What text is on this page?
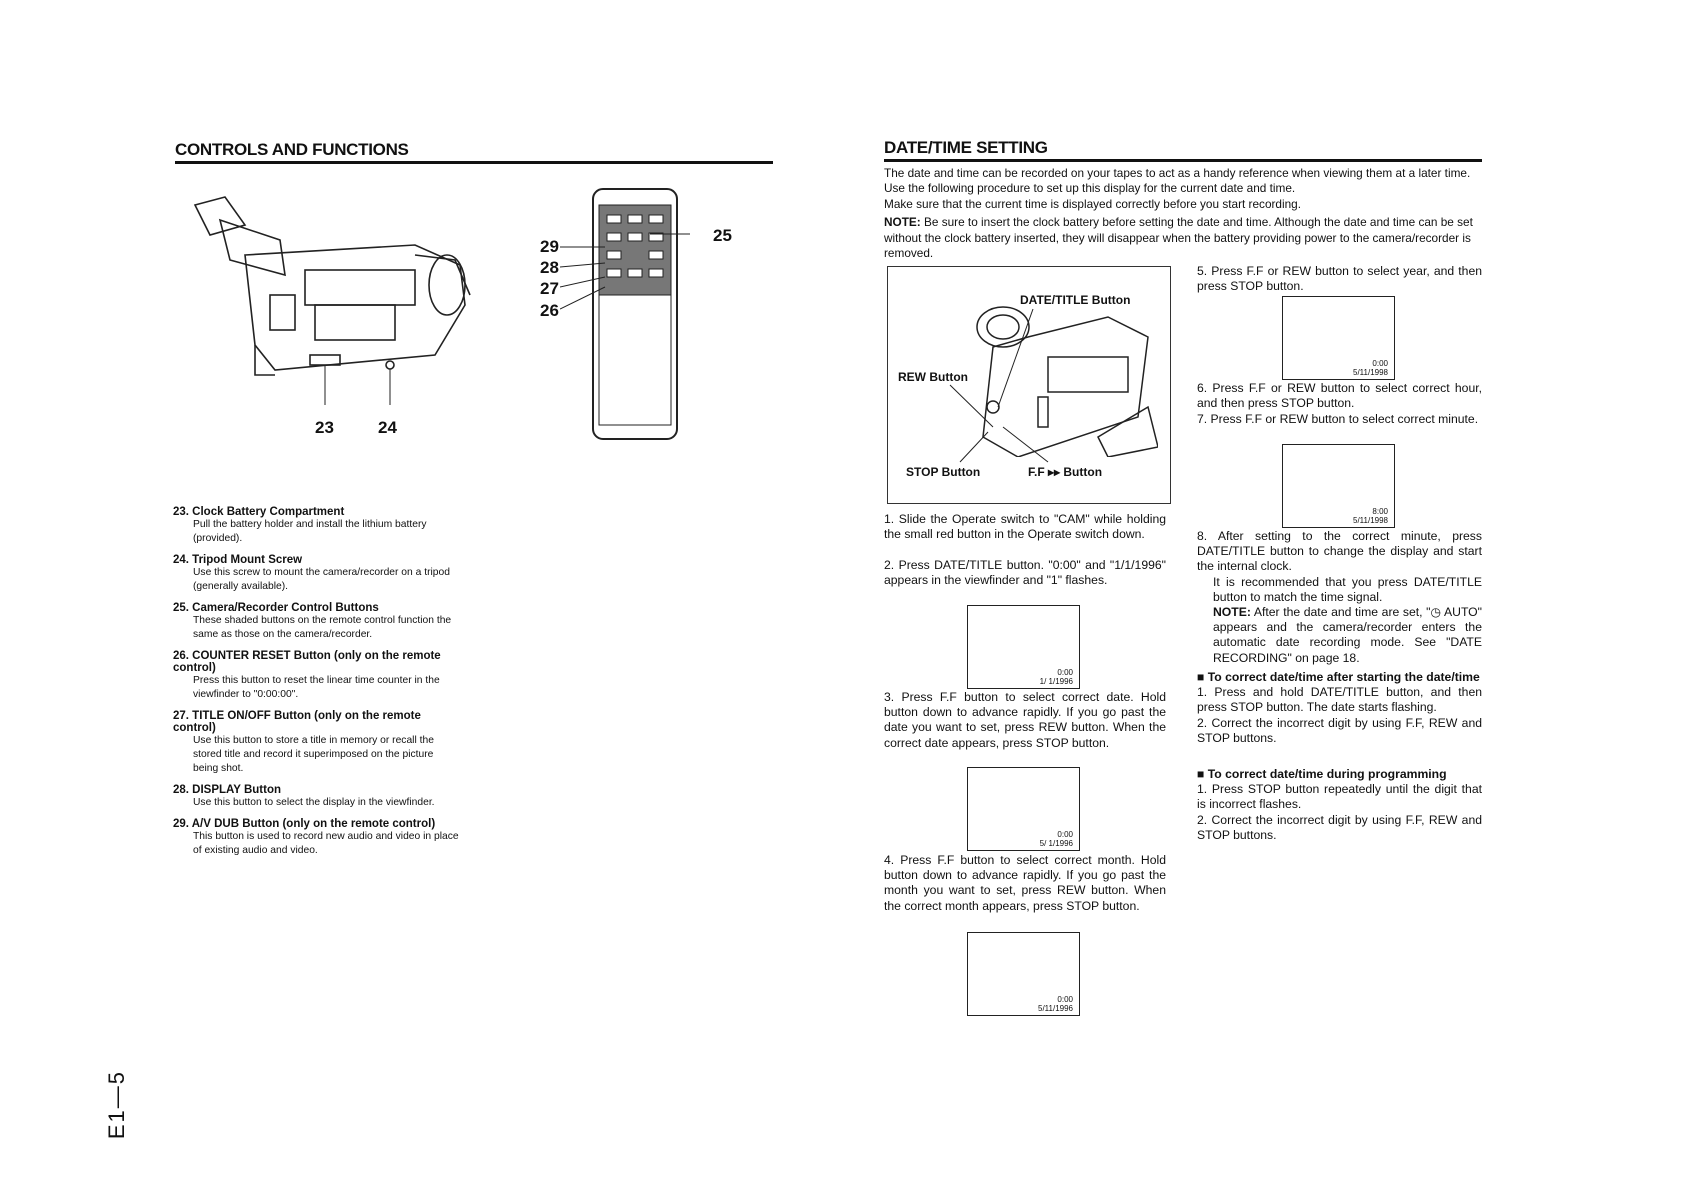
CONTROLS AND FUNCTIONS
23	24
29
28
27
26
25
23. Clock Battery Compartment
Pull the battery holder and install the lithium battery (provided).
24. Tripod Mount Screw
Use this screw to mount the camera/recorder on a tripod (generally available).
25. Camera/Recorder Control Buttons
These shaded buttons on the remote control function the same as those on the camera/recorder.
26. COUNTER RESET Button (only on the remote control)
Press this button to reset the linear time counter in the viewfinder to "0:00:00".
27. TITLE ON/OFF Button (only on the remote control)
Use this button to store a title in memory or recall the stored title and record it superimposed on the picture being shot.
28. DISPLAY Button
Use this button to select the display in the viewfinder.
29. A/V DUB Button (only on the remote control)
This button is used to record new audio and video in place of existing audio and video.
E1—5
DATE/TIME SETTING
The date and time can be recorded on your tapes to act as a handy reference when viewing them at a later time. Use the following procedure to set up this display for the current date and time.
Make sure that the current time is displayed correctly before you start recording.
NOTE: Be sure to insert the clock battery before setting the date and time. Although the date and time can be set without the clock battery inserted, they will disappear when the battery providing power to the camera/recorder is removed.
DATE/TITLE Button
REW Button
STOP Button	F.F ▸▸ Button
1. Slide the Operate switch to "CAM" while holding the small red button in the Operate switch down.
2. Press DATE/TITLE button. "0:00" and "1/1/1996" appears in the viewfinder and "1" flashes.
0:00
1/ 1/1996
3. Press F.F button to select correct date. Hold button down to advance rapidly. If you go past the date you want to set, press REW button. When the correct date appears, press STOP button.
0:00
5/ 1/1996
4. Press F.F button to select correct month. Hold button down to advance rapidly. If you go past the month you want to set, press REW button. When the correct month appears, press STOP button.
0:00
5/11/1996
5. Press F.F or REW button to select year, and then press STOP button.
0:00
5/11/1998
6. Press F.F or REW button to select correct hour, and then press STOP button.
7. Press F.F or REW button to select correct minute.
8:00
5/11/1998
8. After setting to the correct minute, press DATE/TITLE button to change the display and start the internal clock.
It is recommended that you press DATE/TITLE button to match the time signal.
NOTE: After the date and time are set, "◷ AUTO" appears and the camera/recorder enters the automatic date recording mode. See "DATE RECORDING" on page 18.
■ To correct date/time after starting the date/time
1. Press and hold DATE/TITLE button, and then press STOP button. The date starts flashing.
2. Correct the incorrect digit by using F.F, REW and STOP buttons.
■ To correct date/time during programming
1. Press STOP button repeatedly until the digit that is incorrect flashes.
2. Correct the incorrect digit by using F.F, REW and STOP buttons.
